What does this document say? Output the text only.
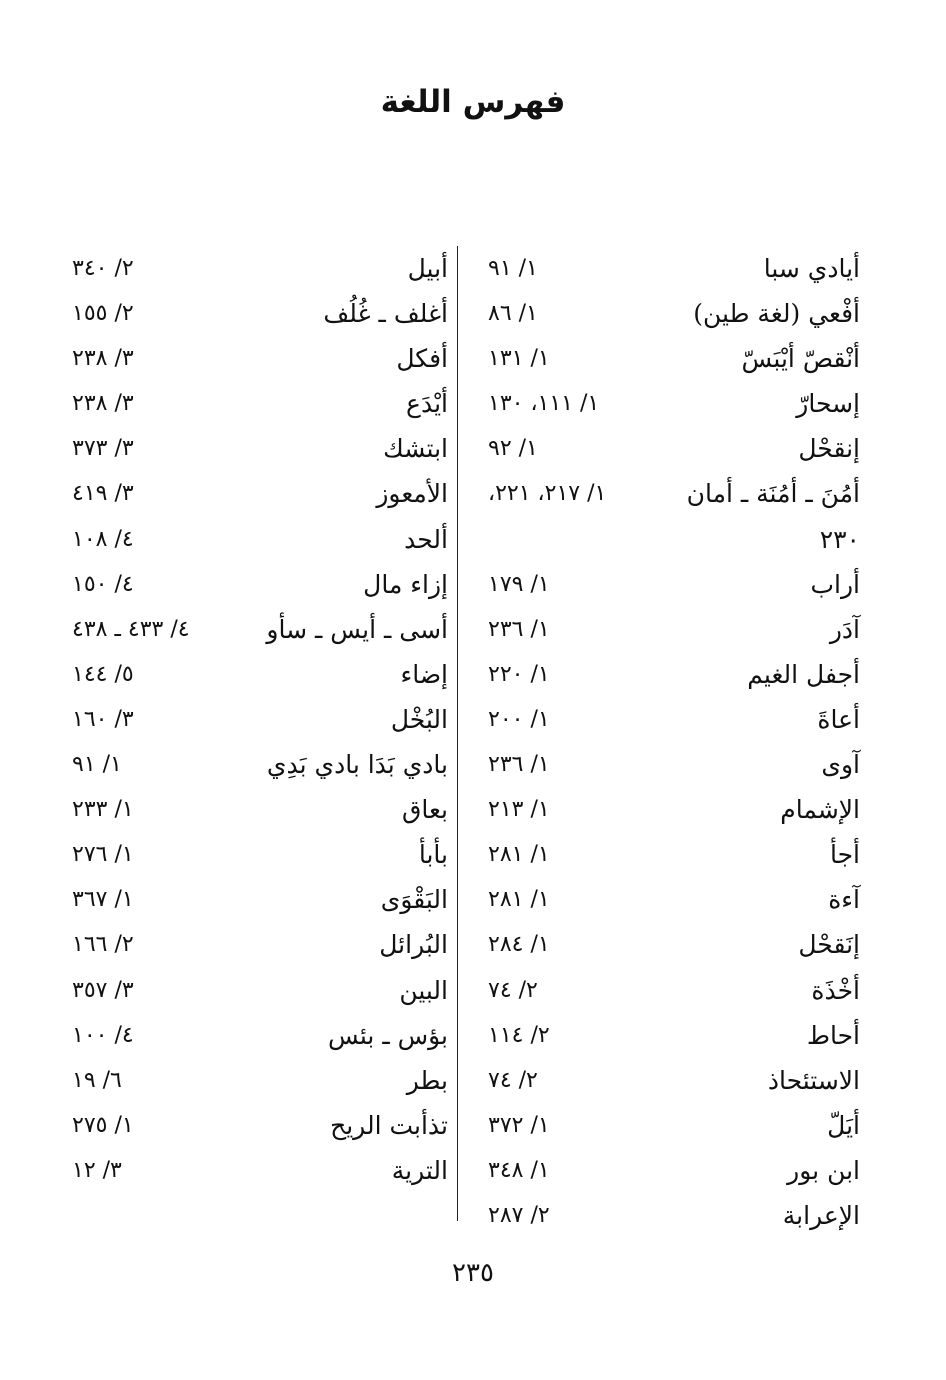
فهرس اللغة
أيادي سبا
١/ ٩١
أفْعي (لغة طين)
١/ ٨٦
أنْقصّ أيْبَسّ
١/ ١٣١
إسحارّ
١/ ١١١، ١٣٠
إنقحْل
١/ ٩٢
أمُنَ ـ أمُنَة ـ أمان
١/ ٢١٧، ٢٢١،
٢٣٠
أراب
١/ ١٧٩
آدَر
١/ ٢٣٦
أجفل الغيم
١/ ٢٢٠
أعاةَ
١/ ٢٠٠
آوى
١/ ٢٣٦
الإشمام
١/ ٢١٣
أجأ
١/ ٢٨١
آءة
١/ ٢٨١
إنَقحْل
١/ ٢٨٤
أخْذَة
٢/ ٧٤
أحاط
٢/ ١١٤
الاستئحاذ
٢/ ٧٤
أيَلّ
١/ ٣٧٢
ابن بور
١/ ٣٤٨
الإعرابة
٢/ ٢٨٧
أبيل
٢/ ٣٤٠
أغلف ـ غُلُف
٢/ ١٥٥
أفكل
٣/ ٢٣٨
أيْدَع
٣/ ٢٣٨
ابتشك
٣/ ٣٧٣
الأمعوز
٣/ ٤١٩
ألحد
٤/ ١٠٨
إزاء مال
٤/ ١٥٠
أسى ـ أيس ـ سأو
٤/ ٤٣٣ ـ ٤٣٨
إضاء
٥/ ١٤٤
البُخْل
٣/ ١٦٠
بادي بَدَا بادي بَدِي
١/ ٩١
بعاق
١/ ٢٣٣
بأبأ
١/ ٢٧٦
البَقْوَى
١/ ٣٦٧
البُرائل
٢/ ١٦٦
البين
٣/ ٣٥٧
بؤس ـ بئس
٤/ ١٠٠
بطر
٦/ ١٩
تذأبت الريح
١/ ٢٧٥
الترية
٣/ ١٢
٢٣٥
